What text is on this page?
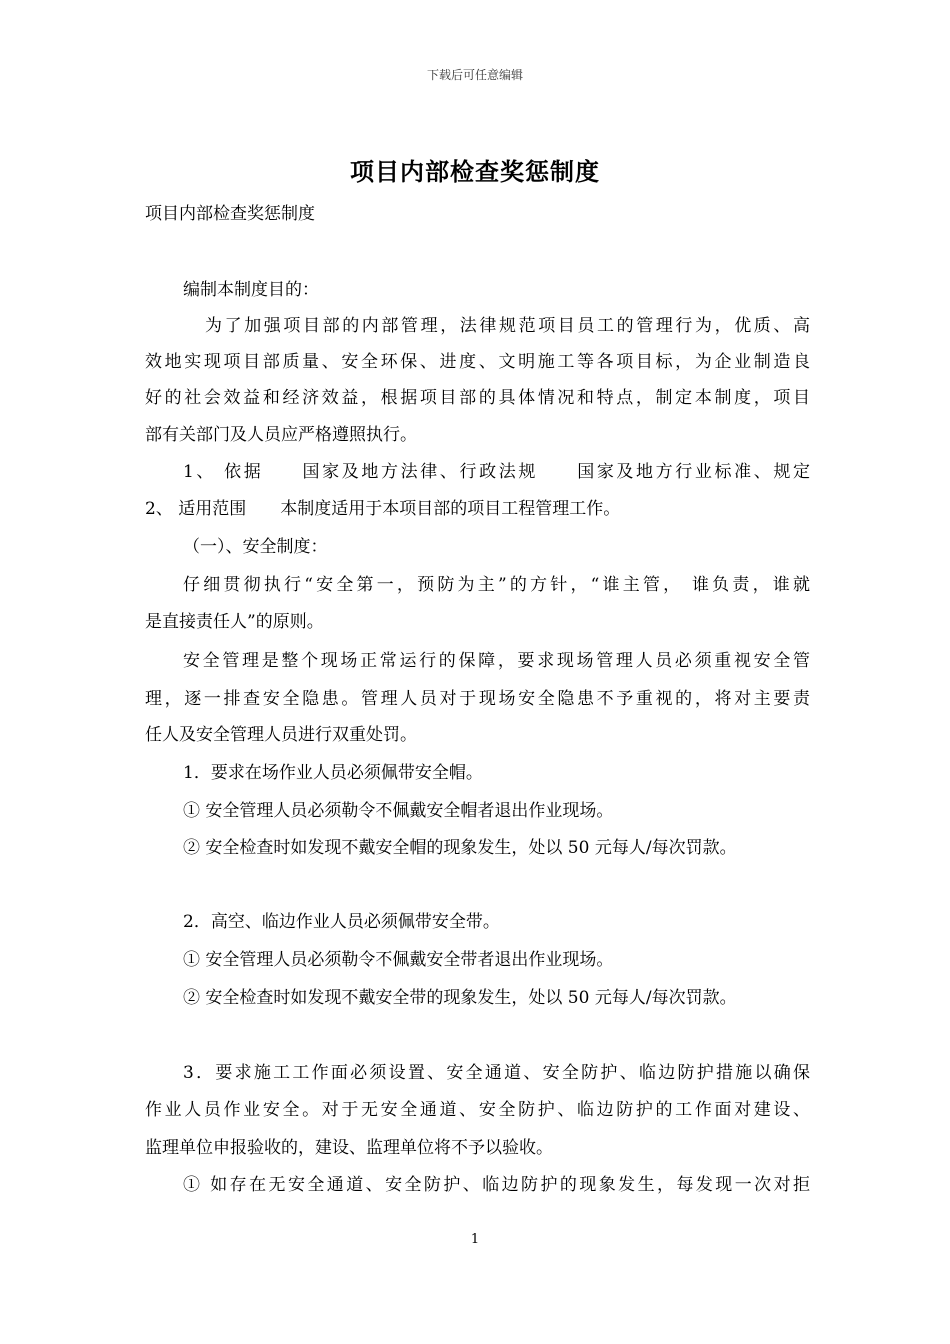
下载后可任意编辑
项目内部检查奖惩制度
项目内部检查奖惩制度
编制本制度目的：
为了加强项目部的内部管理，法律规范项目员工的管理行为，优质、高
效地实现项目部质量、安全环保、进度、文明施工等各项目标，为企业制造良
好的社会效益和经济效益，根据项目部的具体情况和特点，制定本制度，项目
部有关部门及人员应严格遵照执行。
1、 依据　　国家及地方法律、行政法规　　国家及地方行业标准、规定
2、 适用范围　　本制度适用于本项目部的项目工程管理工作。
（一）、安全制度：
仔细贯彻执行“安全第一，预防为主”的方针，“谁主管， 谁负责，谁就
是直接责任人”的原则。
安全管理是整个现场正常运行的保障，要求现场管理人员必须重视安全管
理，逐一排查安全隐患。管理人员对于现场安全隐患不予重视的，将对主要责
任人及安全管理人员进行双重处罚。
1．要求在场作业人员必须佩带安全帽。
① 安全管理人员必须勒令不佩戴安全帽者退出作业现场。
② 安全检查时如发现不戴安全帽的现象发生，处以 50 元每人/每次罚款。
2．高空、临边作业人员必须佩带安全带。
① 安全管理人员必须勒令不佩戴安全带者退出作业现场。
② 安全检查时如发现不戴安全带的现象发生，处以 50 元每人/每次罚款。
3．要求施工工作面必须设置、安全通道、安全防护、临边防护措施以确保
作业人员作业安全。对于无安全通道、安全防护、临边防护的工作面对建设、
监理单位申报验收的，建设、监理单位将不予以验收。
① 如存在无安全通道、安全防护、临边防护的现象发生，每发现一次对拒
1
